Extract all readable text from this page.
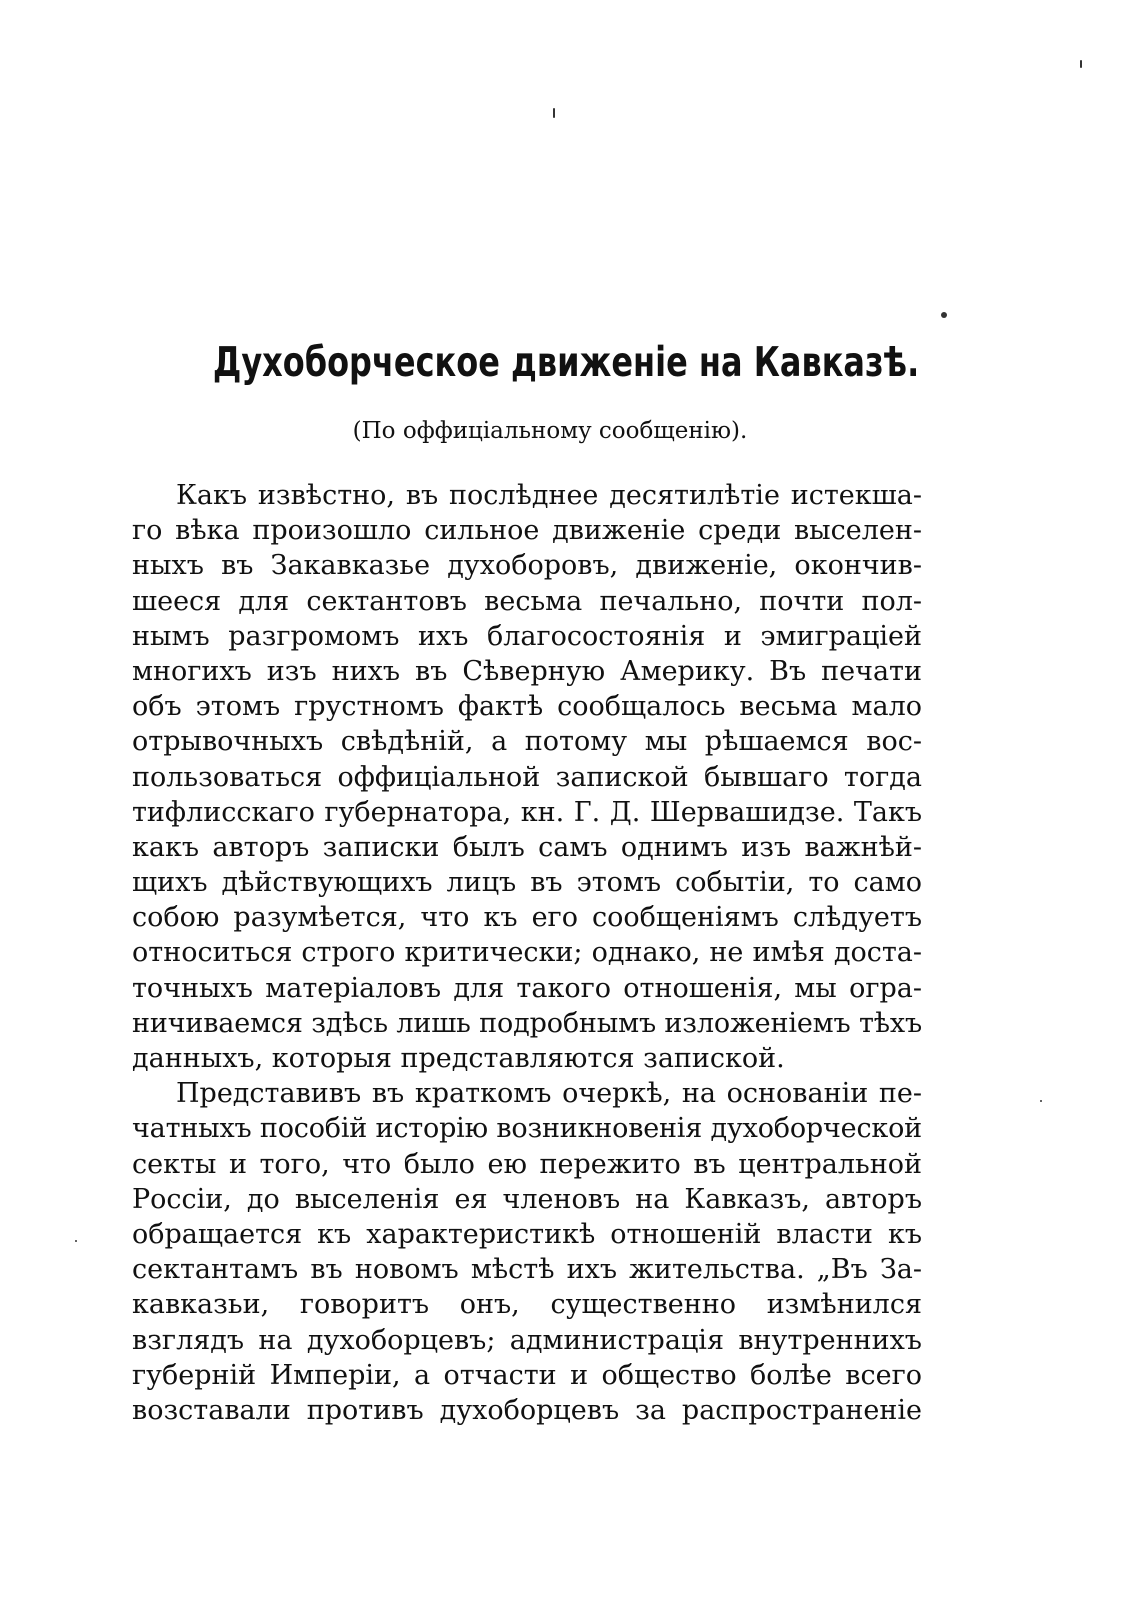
Духоборческое движеніе на Кавказѣ.

(По оффиціальному сообщенію).

Какъ извѣстно, въ послѣднее десятилѣтіе истекша-
го вѣка произошло сильное движеніе среди выселен-
ныхъ въ Закавказье духоборовъ, движеніе, окончив-
шееся для сектантовъ весьма печально, почти пол-
нымъ разгромомъ ихъ благосостоянія и эмиграціей
многихъ изъ нихъ въ Сѣверную Америку. Въ печати
объ этомъ грустномъ фактѣ сообщалось весьма мало
отрывочныхъ свѣдѣній, а потому мы рѣшаемся вос-
пользоваться оффиціальной запиской бывшаго тогда
тифлисскаго губернатора, кн. Г. Д. Шервашидзе. Такъ
какъ авторъ записки былъ самъ однимъ изъ важнѣй-
щихъ дѣйствующихъ лицъ въ этомъ событіи, то само
собою разумѣется, что къ его сообщеніямъ слѣдуетъ
относиться строго критически; однако, не имѣя доста-
точныхъ матеріаловъ для такого отношенія, мы огра-
ничиваемся здѣсь лишь подробнымъ изложеніемъ тѣхъ
данныхъ, которыя представляются запиской.
Представивъ въ краткомъ очеркѣ, на основаніи пе-
чатныхъ пособій исторію возникновенія духоборческой
секты и того, что было ею пережито въ центральной
Россіи, до выселенія ея членовъ на Кавказъ, авторъ
обращается къ характеристикѣ отношеній власти къ
сектантамъ въ новомъ мѣстѣ ихъ жительства. „Въ За-
кавказьи, говоритъ онъ, существенно измѣнился
взглядъ на духоборцевъ; администрація внутреннихъ
губерній Имперіи, а отчасти и общество болѣе всего
возставали противъ духоборцевъ за распространеніе
